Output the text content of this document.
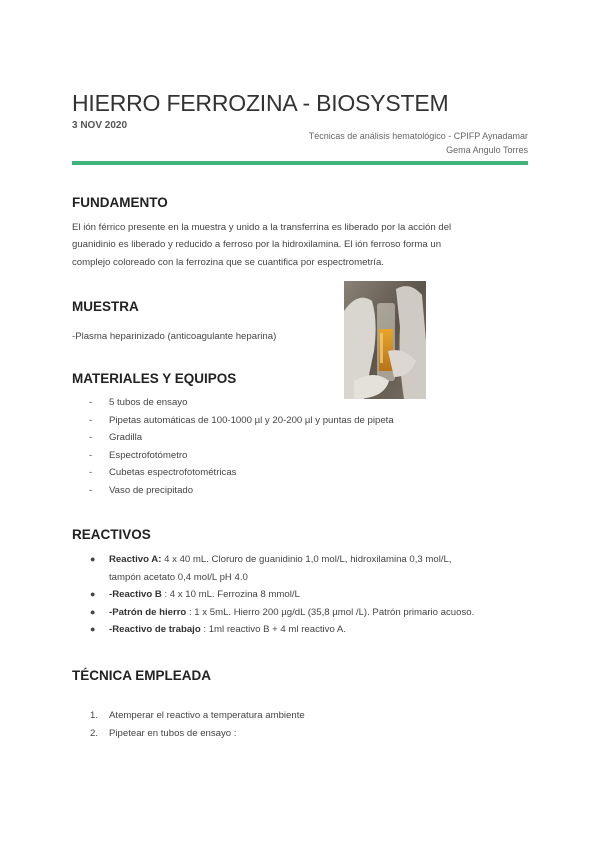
HIERRO FERROZINA - BIOSYSTEM
3 NOV 2020
Técnicas de análisis hematológico - CPIFP Aynadamar
Gema Angulo Torres
FUNDAMENTO
El ión férrico presente en la muestra y unido a la transferrina es liberado por la acción del
guanidinio es liberado y reducido a ferroso por la hidroxilamina. El ión ferroso forma un
complejo coloreado con la ferrozina que se cuantifica por espectrometría.
MUESTRA
-Plasma heparinizado (anticoagulante heparina)
MATERIALES Y EQUIPOS
- 5 tubos de ensayo
- Pipetas automáticas de 100-1000 µl y 20-200 µl y puntas de pipeta
- Gradilla
- Espectrofotómetro
- Cubetas espectrofotométricas
- Vaso de precipitado
REACTIVOS
● Reactivo A: 4 x 40 mL. Cloruro de guanidinio 1,0 mol/L, hidroxilamina 0,3 mol/L,
tampón acetato 0,4 mol/L pH 4.0
● -Reactivo B : 4 x 10 mL. Ferrozina 8 mmol/L
● -Patrón de hierro : 1 x 5mL. Hierro 200 µg/dL (35,8 µmol /L). Patrón primario acuoso.
● -Reactivo de trabajo : 1ml reactivo B + 4 ml reactivo A.
TÉCNICA EMPLEADA
1. Atemperar el reactivo a temperatura ambiente
2. Pipetear en tubos de ensayo :
